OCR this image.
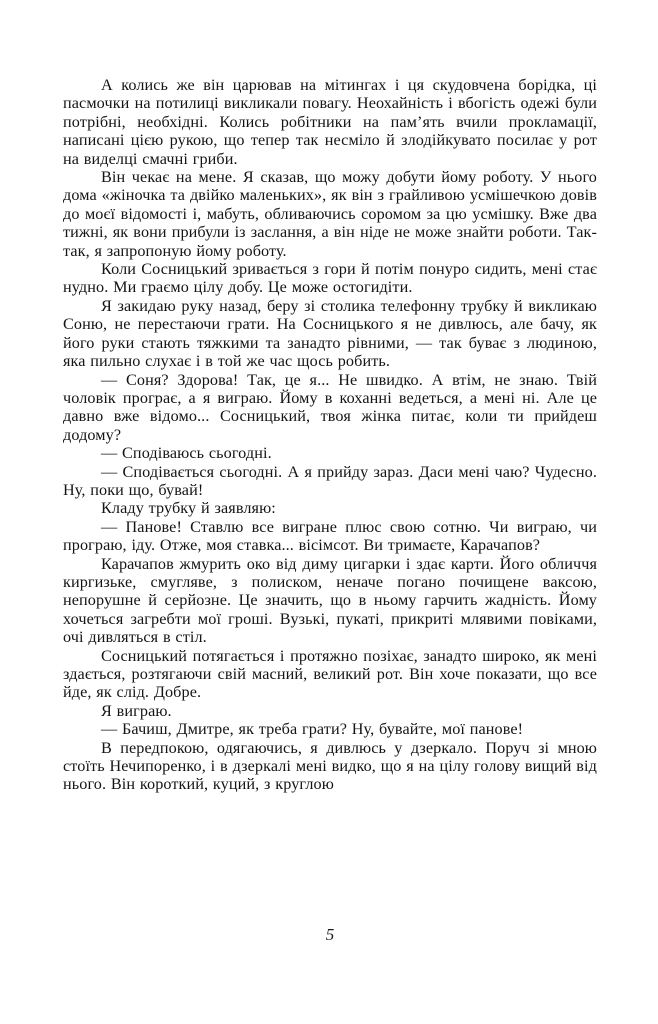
А колись же він царював на мітингах і ця скудовчена борідка, ці пасмочки на потилиці викликали повагу. Неохайність і вбогість одежі були потрібні, необхідні. Колись робітники на пам’ять вчили прокламації, написані цією рукою, що тепер так несміло й злодійкувато посилає у рот на виделці смачні гриби.

Він чекає на мене. Я сказав, що можу добути йому роботу. У нього дома «жіночка та двійко маленьких», як він з грайливою усмішечкою довів до моєї відомості і, мабуть, обливаючись соромом за цю усмішку. Вже два тижні, як вони прибули із заслання, а він ніде не може знайти роботи. Так-так, я запропоную йому роботу.

Коли Сосницький зривається з гори й потім понуро сидить, мені стає нудно. Ми граємо цілу добу. Це може остогидіти.

Я закидаю руку назад, беру зі столика телефонну трубку й викликаю Соню, не перестаючи грати. На Сосницького я не дивлюсь, але бачу, як його руки стають тяжкими та занадто рівними, — так буває з людиною, яка пильно слухає і в той же час щось робить.

— Соня? Здорова! Так, це я... Не швидко. А втім, не знаю. Твій чоловік програє, а я виграю. Йому в коханні ведеться, а мені ні. Але це давно вже відомо... Сосницький, твоя жінка питає, коли ти прийдеш додому?

— Сподіваюсь сьогодні.

— Сподівається сьогодні. А я прийду зараз. Даси мені чаю? Чудесно. Ну, поки що, бувай!

Кладу трубку й заявляю:

— Панове! Ставлю все вигране плюс свою сотню. Чи виграю, чи програю, іду. Отже, моя ставка... вісімсот. Ви тримаєте, Карачапов?

Карачапов жмурить око від диму цигарки і здає карти. Його обличчя киргизьке, смугляве, з полиском, неначе погано почищене ваксою, непорушне й серйозне. Це значить, що в ньому гарчить жадність. Йому хочеться загребти мої гроші. Вузькі, пукаті, прикриті млявими повіками, очі дивляться в стіл.

Сосницький потягається і протяжно позіхає, занадто широко, як мені здається, розтягаючи свій масний, великий рот. Він хоче показати, що все йде, як слід. Добре.

Я виграю.

— Бачиш, Дмитре, як треба грати? Ну, бувайте, мої панове!

В передпокою, одягаючись, я дивлюсь у дзеркало. Поруч зі мною стоїть Нечипоренко, і в дзеркалі мені видко, що я на цілу голову вищий від нього. Він короткий, куций, з круглою

5
